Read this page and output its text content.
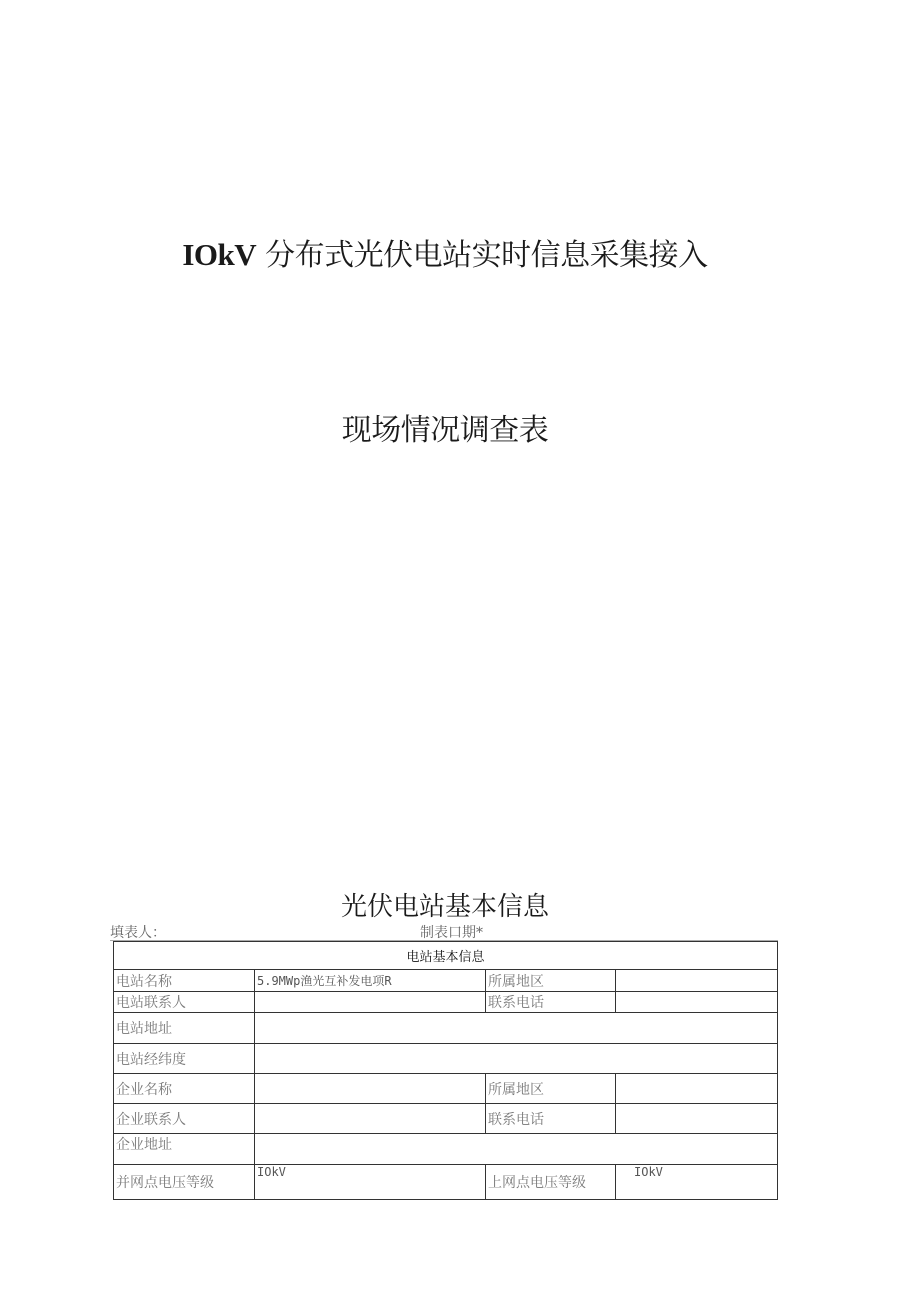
IOkV 分布式光伏电站实时信息采集接入
现场情况调查表
光伏电站基本信息
填表人：	制表口期*
电站基本信息			
电站名称	5.9MWp渔光互补发电项R	所属地区	
电站联系人		联系电话	
电站地址			
电站经纬度			
企业名称		所属地区	
企业联系人		联系电话	
企业地址			
并网点电压等级	IOkV	上网点电压等级	IOkV
